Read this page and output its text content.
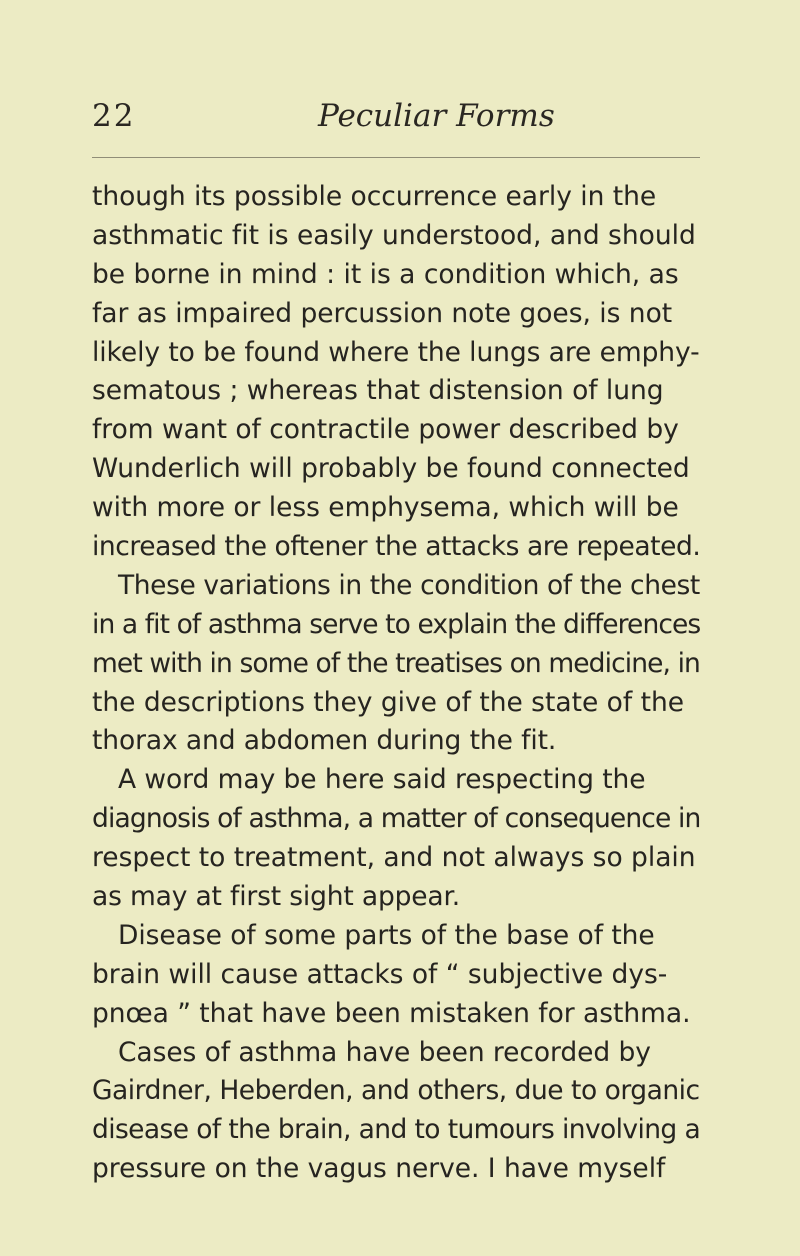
22	Peculiar Forms
though its possible occurrence early in the
asthmatic fit is easily understood, and should
be borne in mind : it is a condition which, as
far as impaired percussion note goes, is not
likely to be found where the lungs are emphy-
sematous ; whereas that distension of lung
from want of contractile power described by
Wunderlich will probably be found connected
with more or less emphysema, which will be
increased the oftener the attacks are repeated.
These variations in the condition of the chest
in a fit of asthma serve to explain the differences
met with in some of the treatises on medicine, in
the descriptions they give of the state of the
thorax and abdomen during the fit.
A word may be here said respecting the
diagnosis of asthma, a matter of consequence in
respect to treatment, and not always so plain
as may at first sight appear.
Disease of some parts of the base of the
brain will cause attacks of “ subjective dys-
pnœa ” that have been mistaken for asthma.
Cases of asthma have been recorded by
Gairdner, Heberden, and others, due to organic
disease of the brain, and to tumours involving a
pressure on the vagus nerve. I have myself
